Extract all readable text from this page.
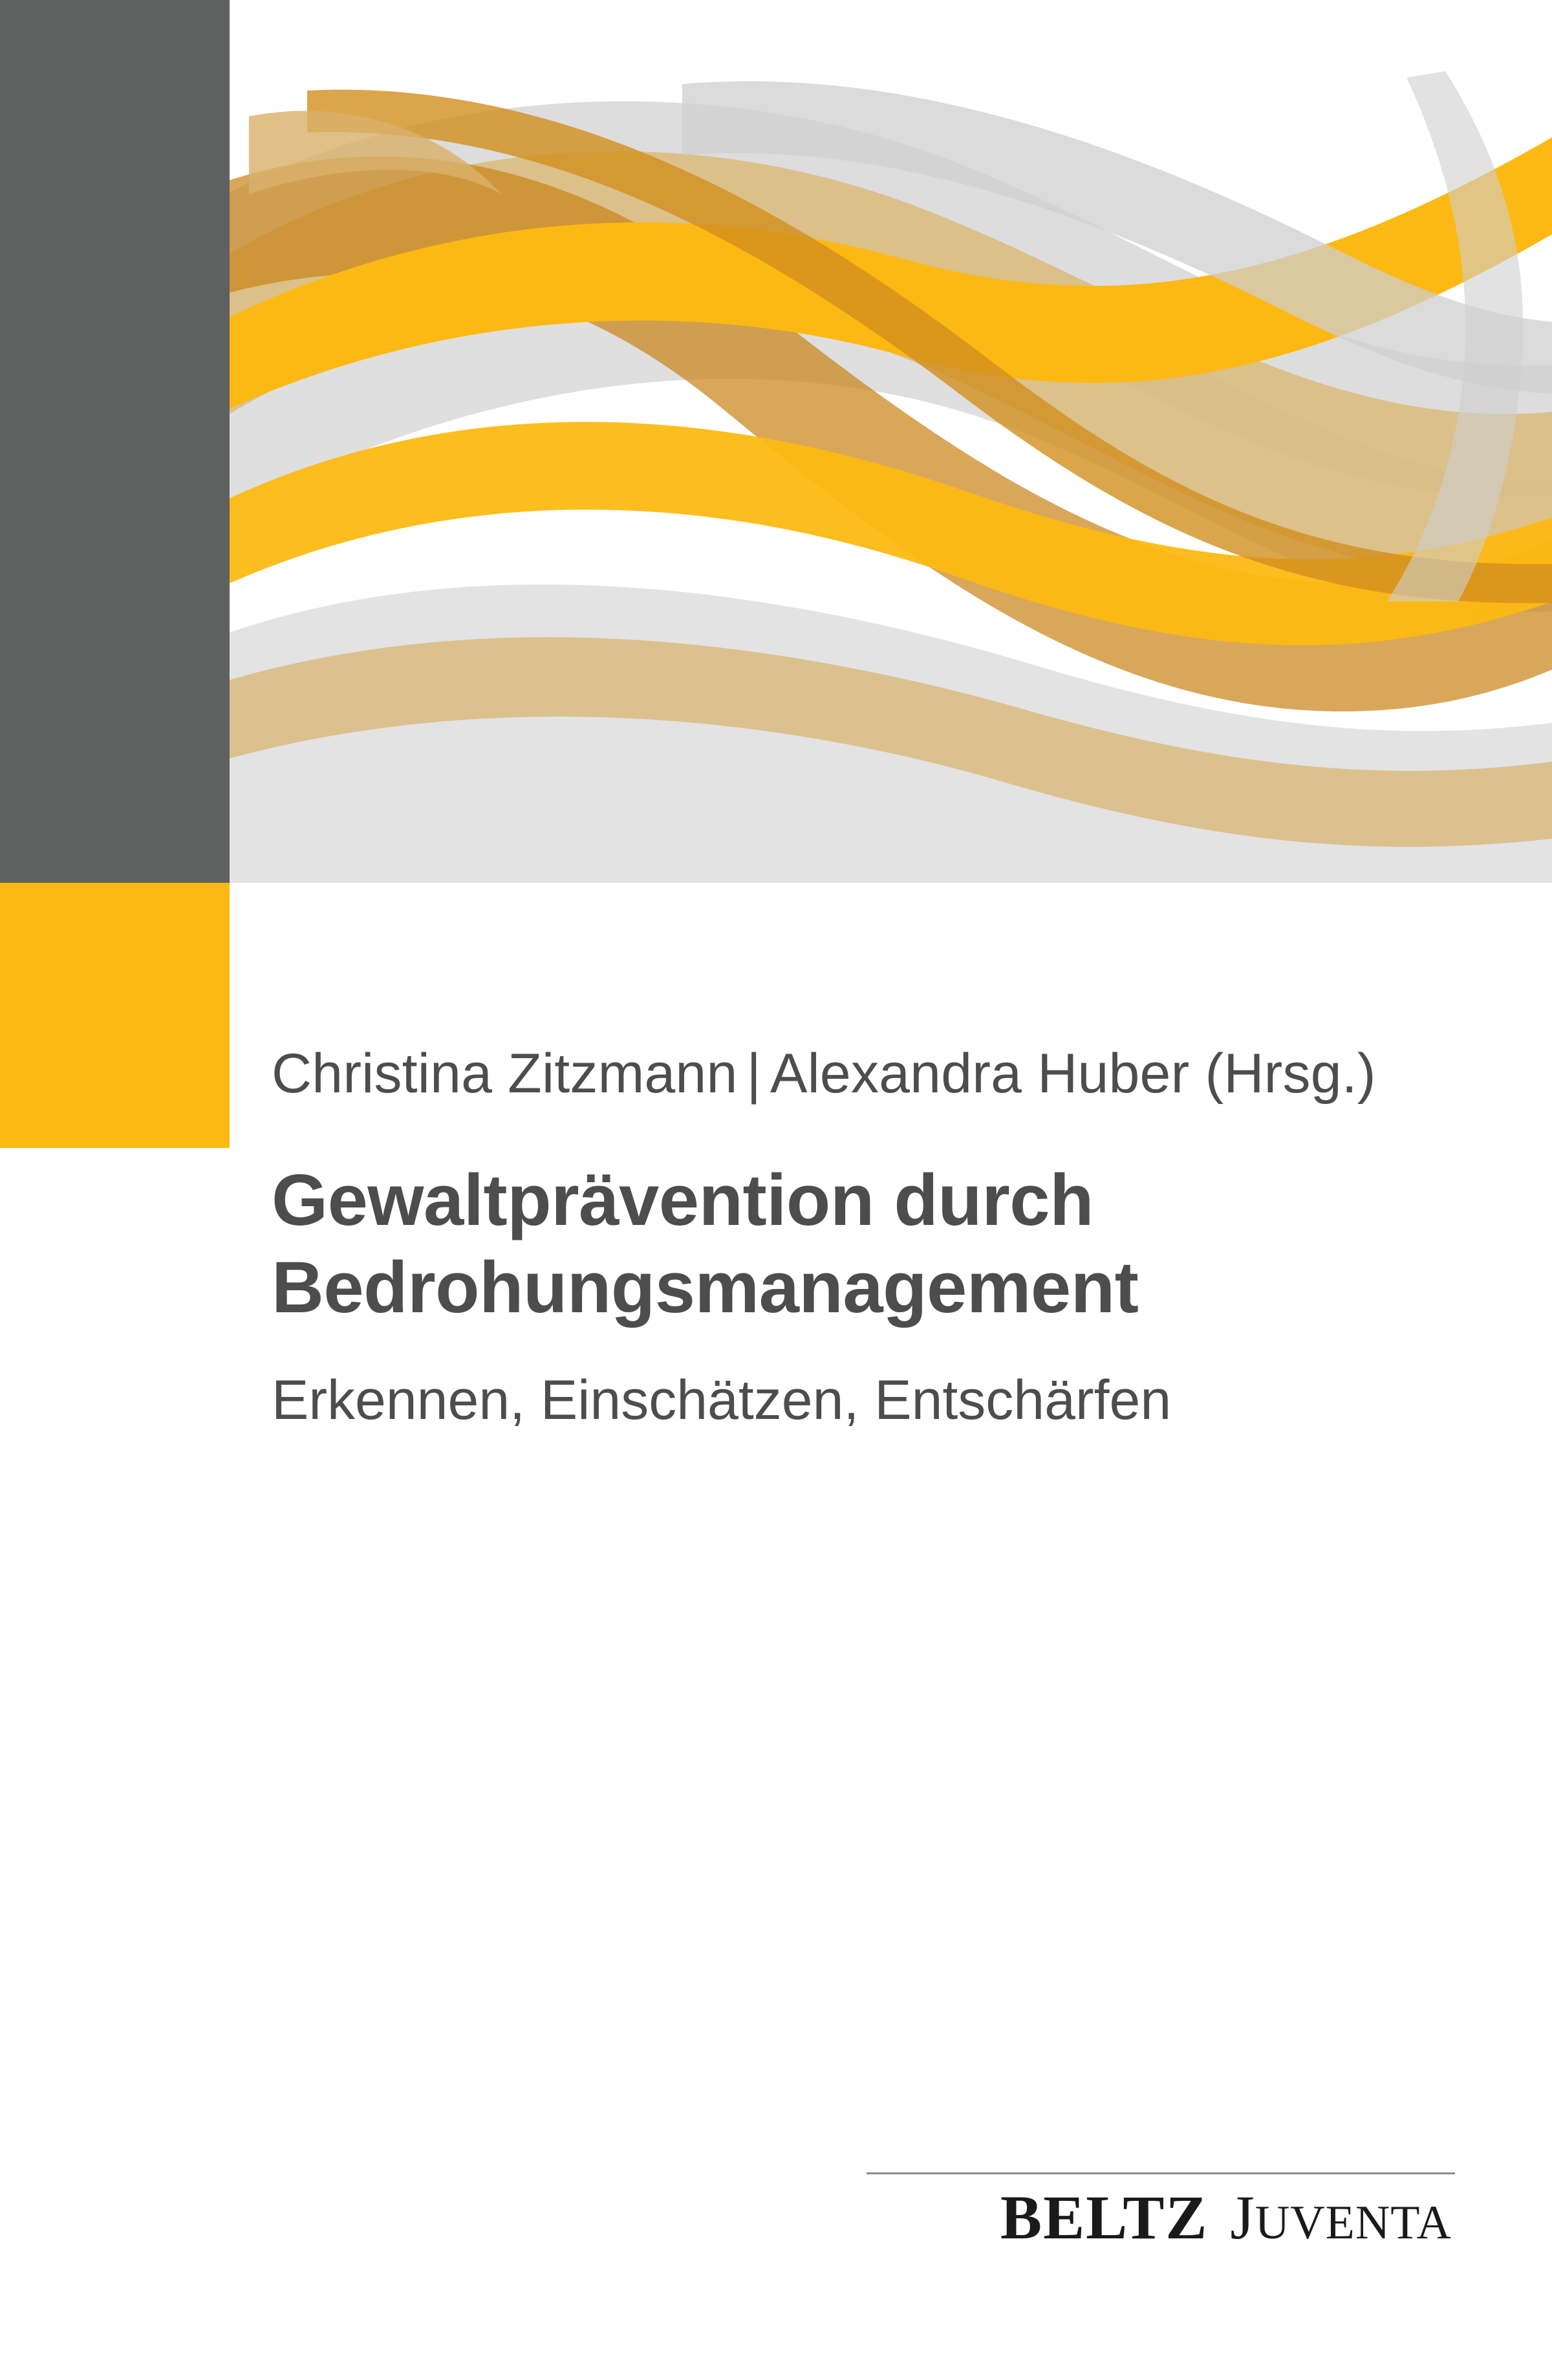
Christina Zitzmann | Alexandra Huber (Hrsg.)
Gewaltprävention durch
Bedrohungsmanagement
Erkennen, Einschätzen, Entschärfen
BELTZ JUVENTA
